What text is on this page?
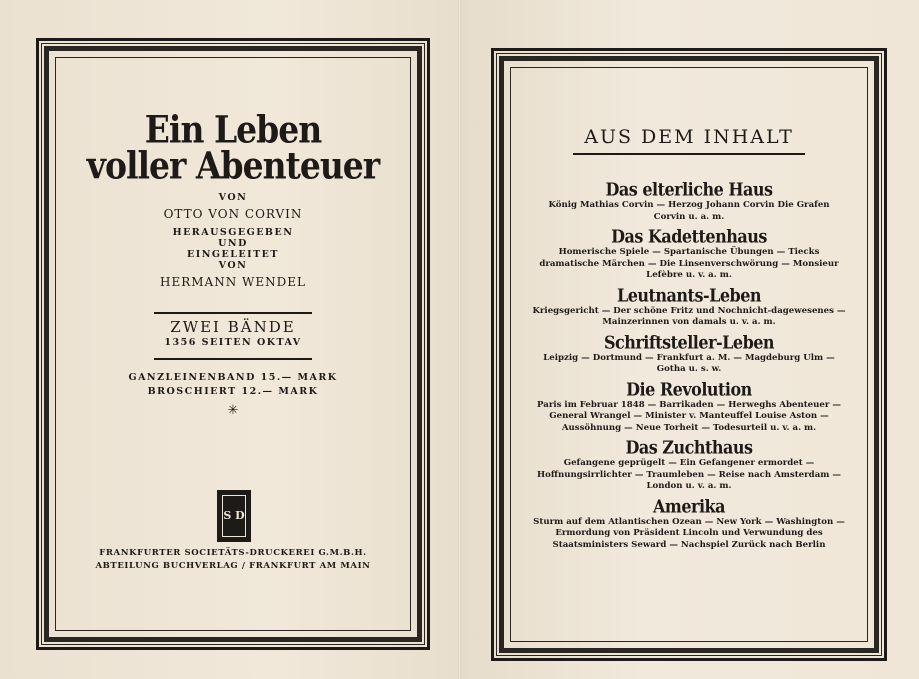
Ein Leben
voller Abenteuer
VON
OTTO VON CORVIN
HERAUSGEGEBEN
UND
EINGELEITET
VON
HERMANN WENDEL
ZWEI BÄNDE
1356 SEITEN OKTAV
GANZLEINENBAND 15.— MARK
BROSCHIERT 12.— MARK
✳
S D
FRANKFURTER SOCIETÄTS-DRUCKEREI G.M.B.H.
ABTEILUNG BUCHVERLAG / FRANKFURT AM MAIN
AUS DEM INHALT
Das elterliche Haus

König Mathias Corvin — Herzog Johann Corvin Die Grafen Corvin u. a. m.

Das Kadettenhaus

Homerische Spiele — Spartanische Übungen — Tiecks dramatische Märchen — Die Linsenverschwörung — Monsieur Lefèbre u. v. a. m.

Leutnants-Leben

Kriegsgericht — Der schöne Fritz und Nochnicht-dagewesenes — Mainzerinnen von damals u. v. a. m.

Schriftsteller-Leben

Leipzig — Dortmund — Frankfurt a. M. — Magdeburg Ulm — Gotha u. s. w.

Die Revolution

Paris im Februar 1848 — Barrikaden — Herweghs Abenteuer — General Wrangel — Minister v. Manteuffel Louise Aston — Aussöhnung — Neue Torheit — Todesurteil u. v. a. m.

Das Zuchthaus

Gefangene geprügelt — Ein Gefangener ermordet — Hoffnungsirrlichter — Traumleben — Reise nach Amsterdam — London u. v. a. m.

Amerika

Sturm auf dem Atlantischen Ozean — New York — Washington — Ermordung von Präsident Lincoln und Verwundung des Staatsministers Seward — Nachspiel Zurück nach Berlin
